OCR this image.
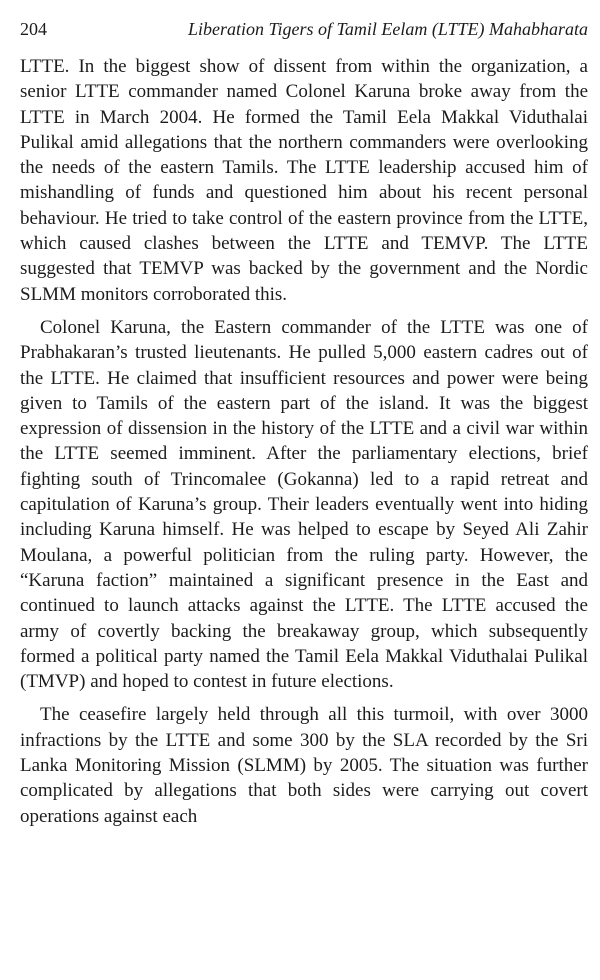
204	Liberation Tigers of Tamil Eelam (LTTE) Mahabharata

LTTE. In the biggest show of dissent from within the organization, a senior LTTE commander named Colonel Karuna broke away from the LTTE in March 2004. He formed the Tamil Eela Makkal Viduthalai Pulikal amid allegations that the northern commanders were overlooking the needs of the eastern Tamils. The LTTE leadership accused him of mishandling of funds and questioned him about his recent personal behaviour. He tried to take control of the eastern province from the LTTE, which caused clashes between the LTTE and TEMVP. The LTTE suggested that TEMVP was backed by the government and the Nordic SLMM monitors corroborated this.

Colonel Karuna, the Eastern commander of the LTTE was one of Prabhakaran’s trusted lieutenants. He pulled 5,000 eastern cadres out of the LTTE. He claimed that insufficient resources and power were being given to Tamils of the eastern part of the island. It was the biggest expression of dissension in the history of the LTTE and a civil war within the LTTE seemed imminent. After the parliamentary elections, brief fighting south of Trincomalee (Gokanna) led to a rapid retreat and capitulation of Karuna’s group. Their leaders eventually went into hiding including Karuna himself. He was helped to escape by Seyed Ali Zahir Moulana, a powerful politician from the ruling party. However, the “Karuna faction” maintained a significant presence in the East and continued to launch attacks against the LTTE. The LTTE accused the army of covertly backing the breakaway group, which subsequently formed a political party named the Tamil Eela Makkal Viduthalai Pulikal (TMVP) and hoped to contest in future elections.

The ceasefire largely held through all this turmoil, with over 3000 infractions by the LTTE and some 300 by the SLA recorded by the Sri Lanka Monitoring Mission (SLMM) by 2005. The situation was further complicated by allegations that both sides were carrying out covert operations against each
